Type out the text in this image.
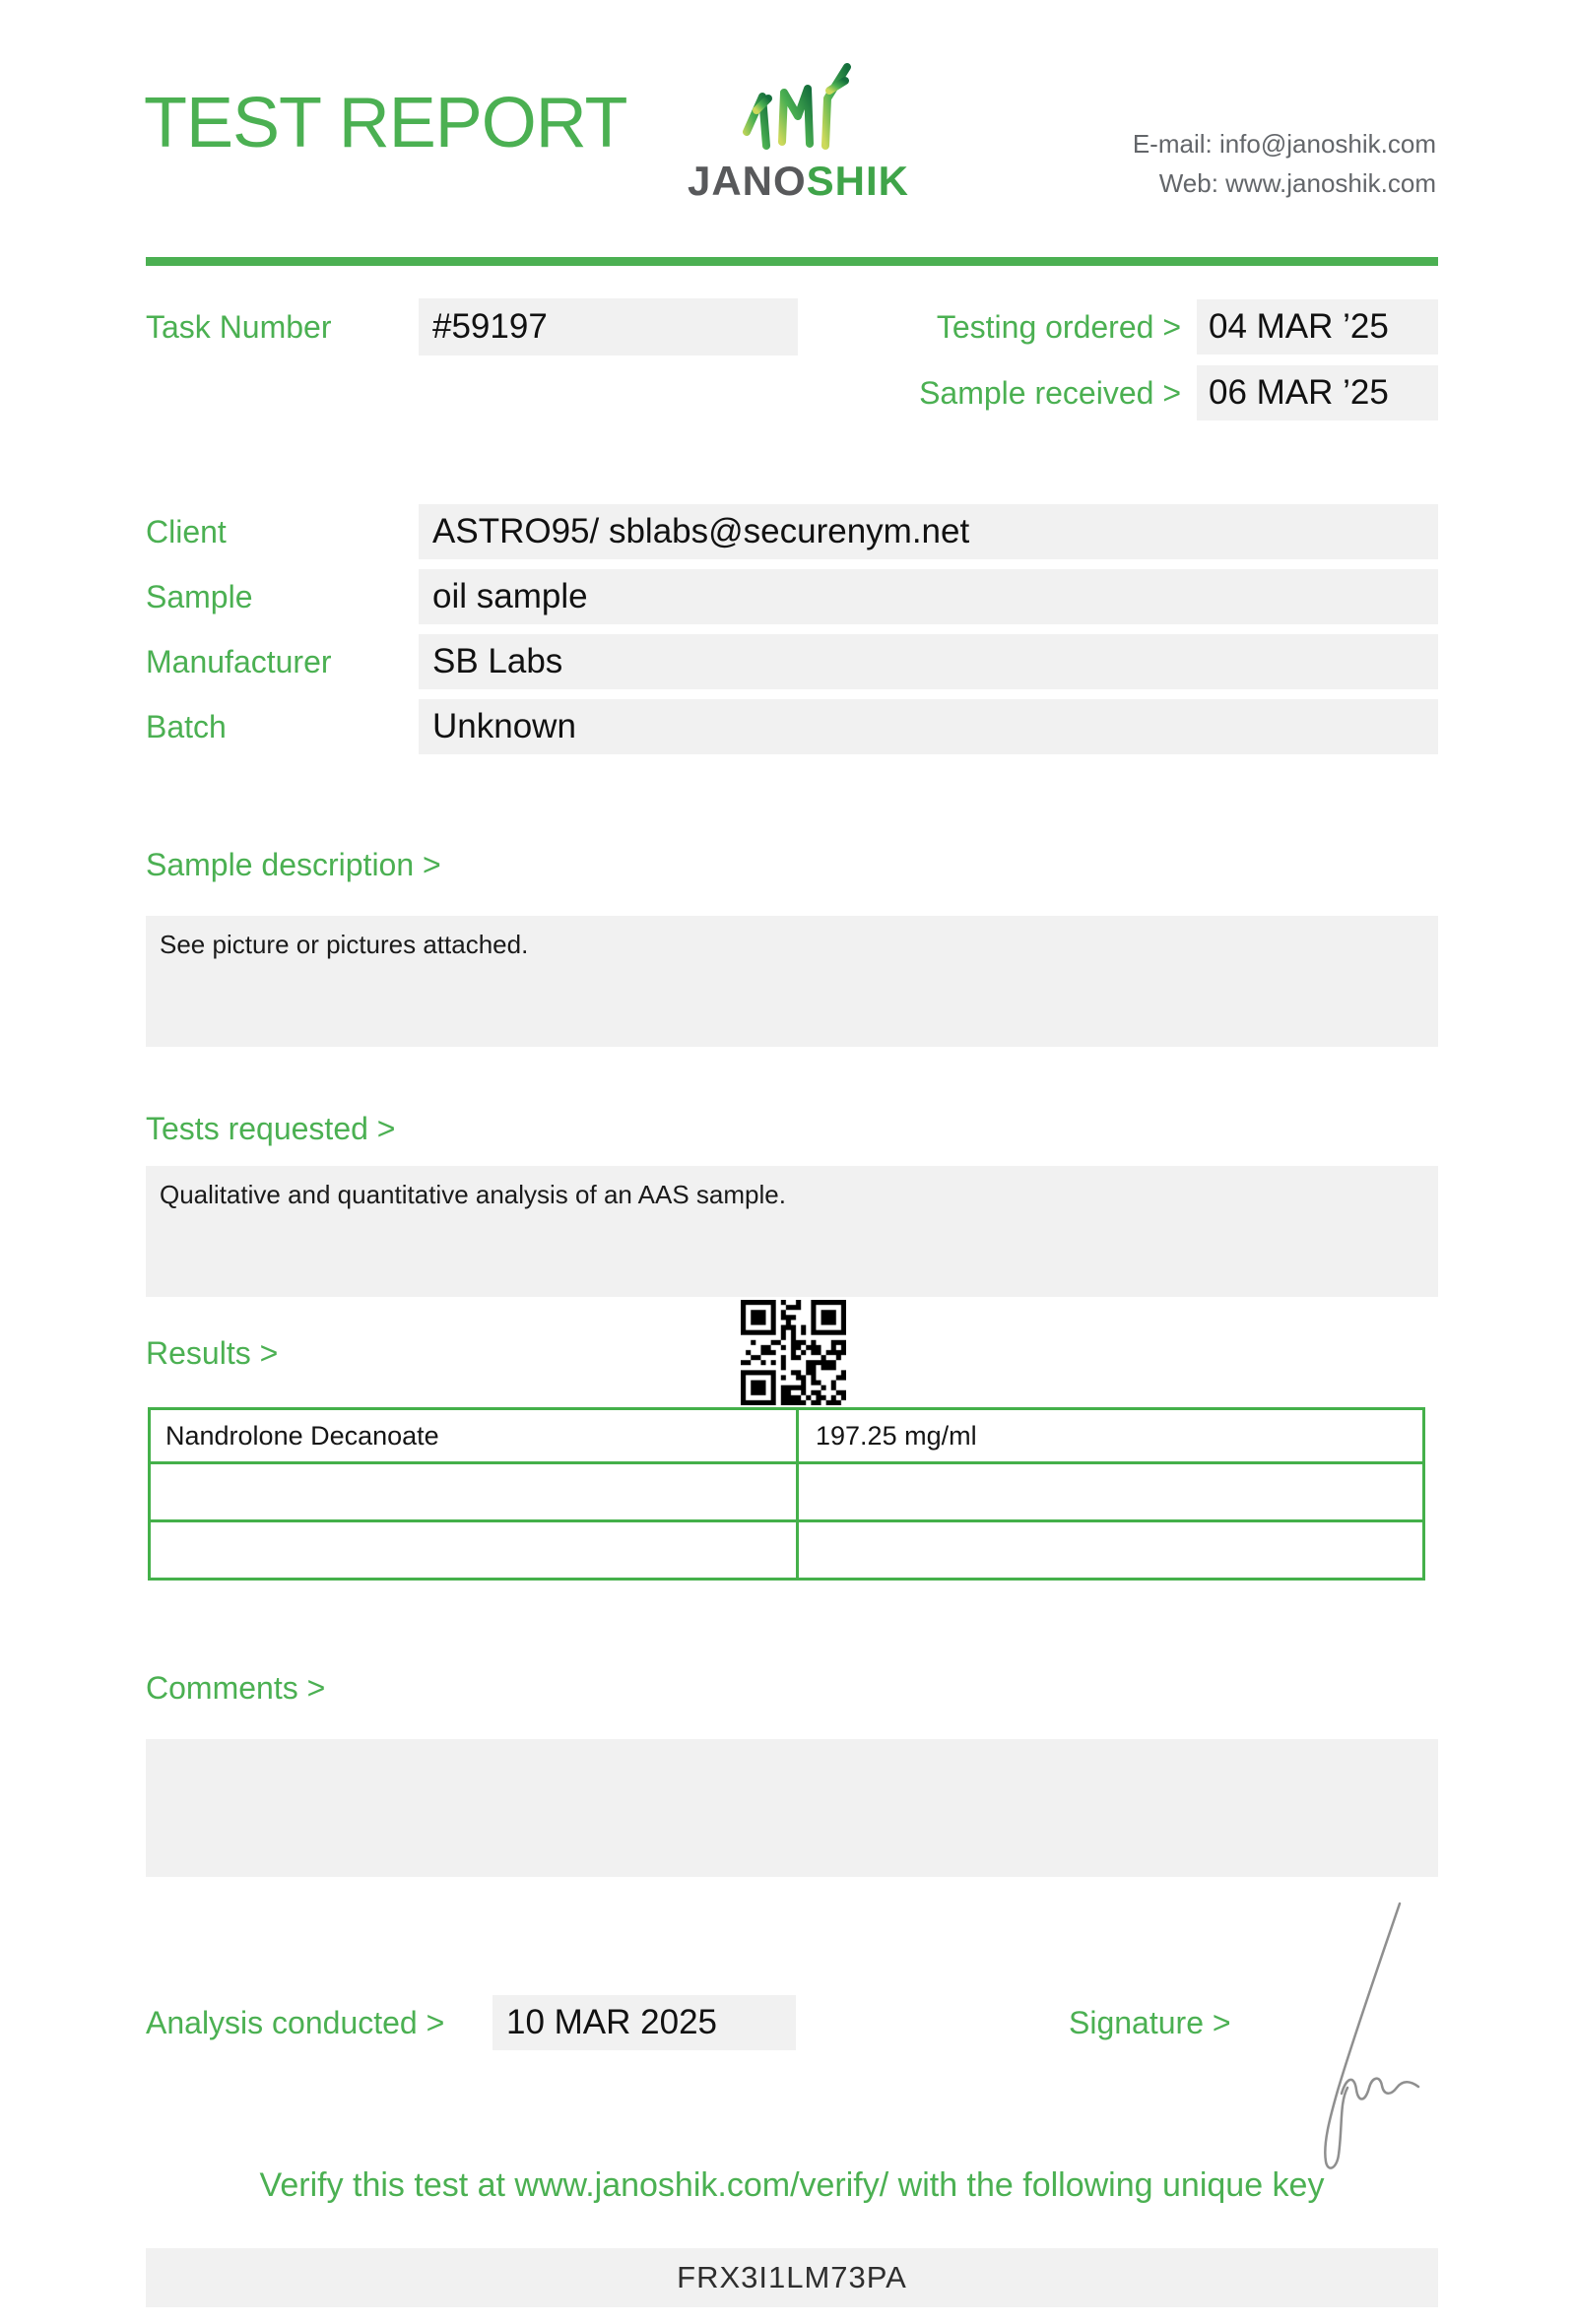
TEST REPORT
JANOSHIK
E-mail: info@janoshik.com
Web: www.janoshik.com
Task Number	#59197	Testing ordered > 04 MAR ’25
Sample received > 06 MAR ’25
Client	ASTRO95/ sblabs@securenym.net
Sample	oil sample
Manufacturer	SB Labs
Batch	Unknown
Sample description >
See picture or pictures attached.
Tests requested >
Qualitative and quantitative analysis of an AAS sample.
Results >
Nandrolone Decanoate	197.25 mg/ml
Comments >
Analysis conducted >	10 MAR 2025	Signature >
Verify this test at www.janoshik.com/verify/ with the following unique key
FRX3I1LM73PA
